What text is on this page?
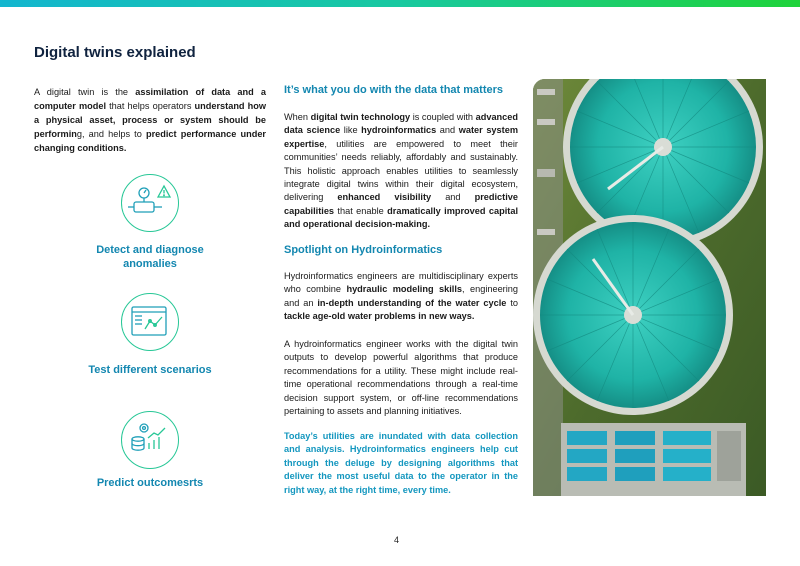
Digital twins explained
A digital twin is the assimilation of data and a computer model that helps operators understand how a physical asset, process or system should be performing, and helps to predict performance under changing conditions.
Detect and diagnose anomalies
Test different scenarios
Predict outcomesrts
It’s what you do with the data that matters
When digital twin technology is coupled with advanced data science like hydroinformatics and water system expertise, utilities are empowered to meet their communities’ needs reliably, affordably and sustainably. This holistic approach enables utilities to seamlessly integrate digital twins within their digital ecosystem, delivering enhanced visibility and predictive capabilities that enable dramatically improved capital and operational decision-making.
Spotlight on Hydroinformatics
Hydroinformatics engineers are multidisciplinary experts who combine hydraulic modeling skills, engineering and an in-depth understanding of the water cycle to tackle age-old water problems in new ways.
A hydroinformatics engineer works with the digital twin outputs to develop powerful algorithms that produce recommendations for a utility. These might include real-time operational recommendations through a real-time decision support system, or off-line recommendations pertaining to assets and planning initiatives.
Today’s utilities are inundated with data collection and analysis. Hydroinformatics engineers help cut through the deluge by designing algorithms that deliver the most useful data to the operator in the right way, at the right time, every time.
4
